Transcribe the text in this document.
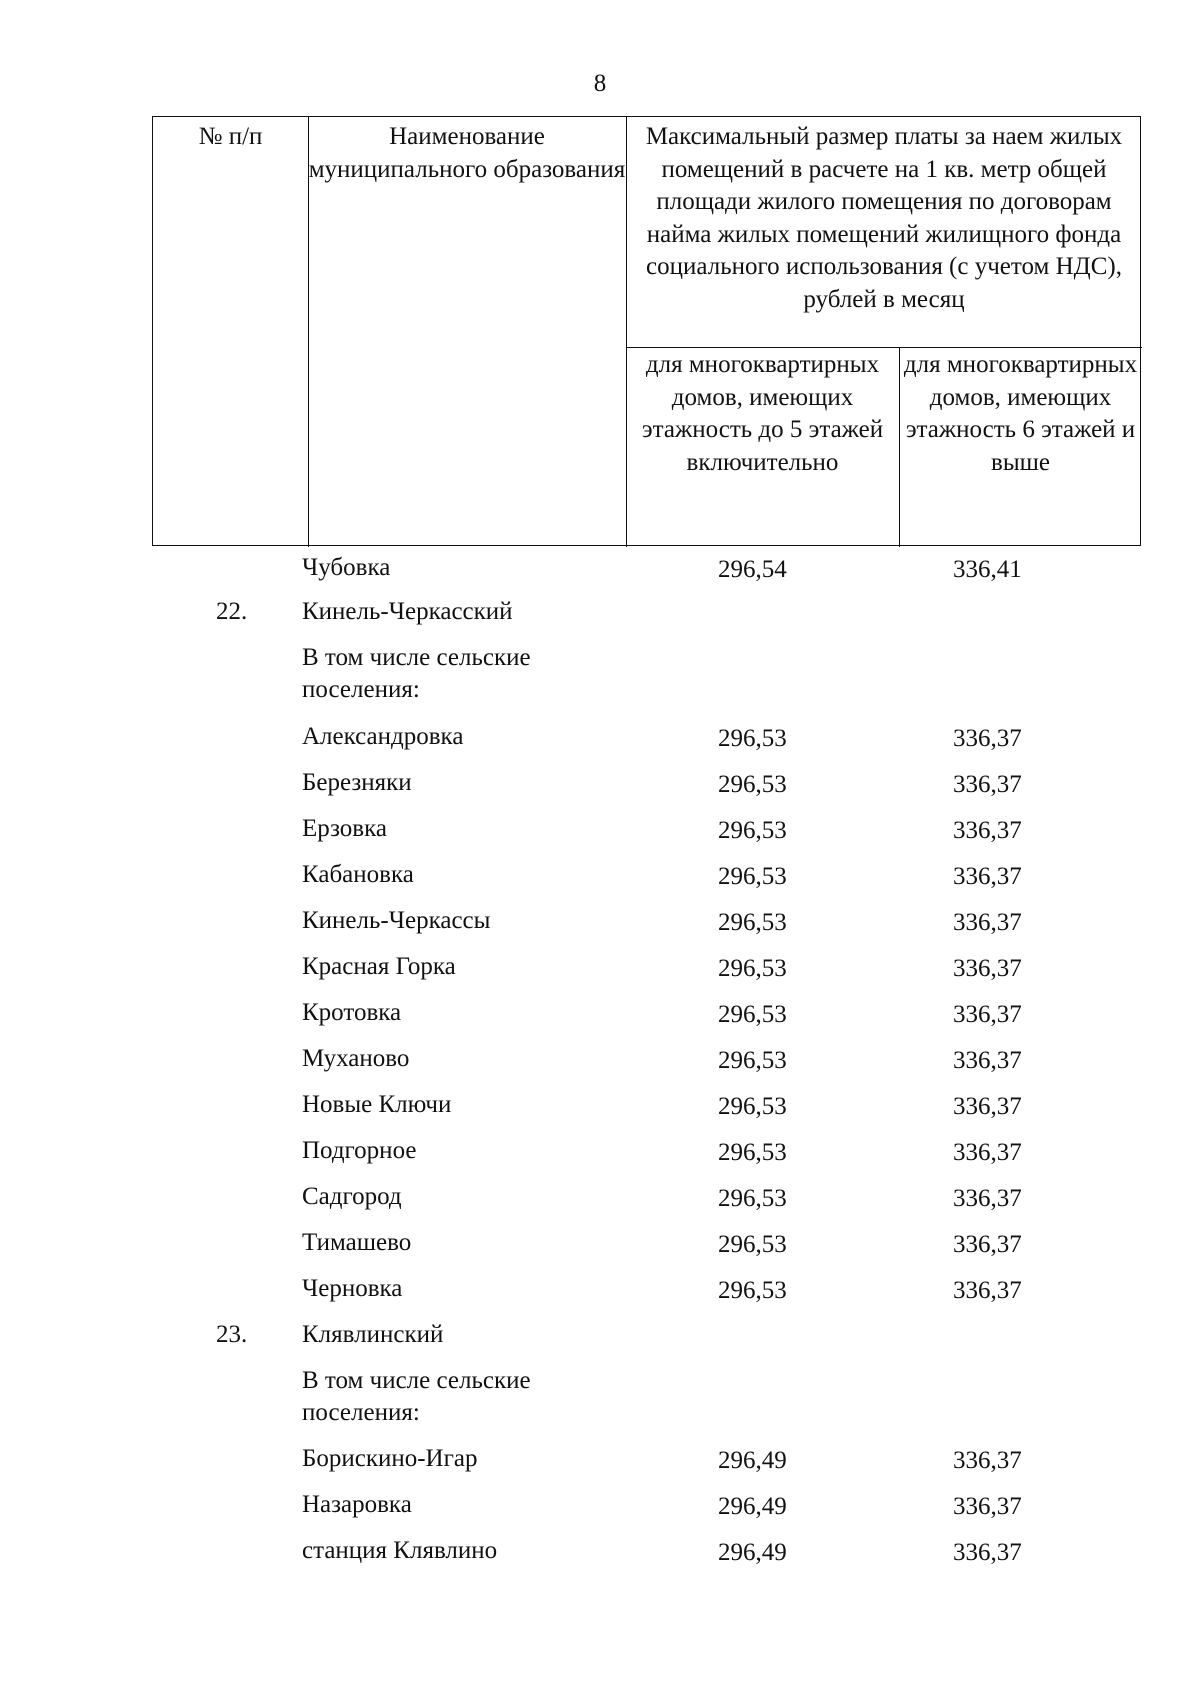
8
№ п/п	Наименование муниципального образования
Максимальный размер платы за наем жилых помещений в расчете на 1 кв. метр общей площади жилого помещения по договорам найма жилых помещений жилищного фонда социального использования (с учетом НДС), рублей в месяц
для многоквартирных домов, имеющих этажность до 5 этажей включительно
для многоквартирных домов, имеющих этажность 6 этажей и выше
Чубовка	296,54	336,41
22. Кинель-Черкасский
В том числе сельские поселения:
Александровка	296,53	336,37
Березняки	296,53	336,37
Ерзовка	296,53	336,37
Кабановка	296,53	336,37
Кинель-Черкассы	296,53	336,37
Красная Горка	296,53	336,37
Кротовка	296,53	336,37
Муханово	296,53	336,37
Новые Ключи	296,53	336,37
Подгорное	296,53	336,37
Садгород	296,53	336,37
Тимашево	296,53	336,37
Черновка	296,53	336,37
23. Клявлинский
В том числе сельские поселения:
Борискино-Игар	296,49	336,37
Назаровка	296,49	336,37
станция Клявлино	296,49	336,37
